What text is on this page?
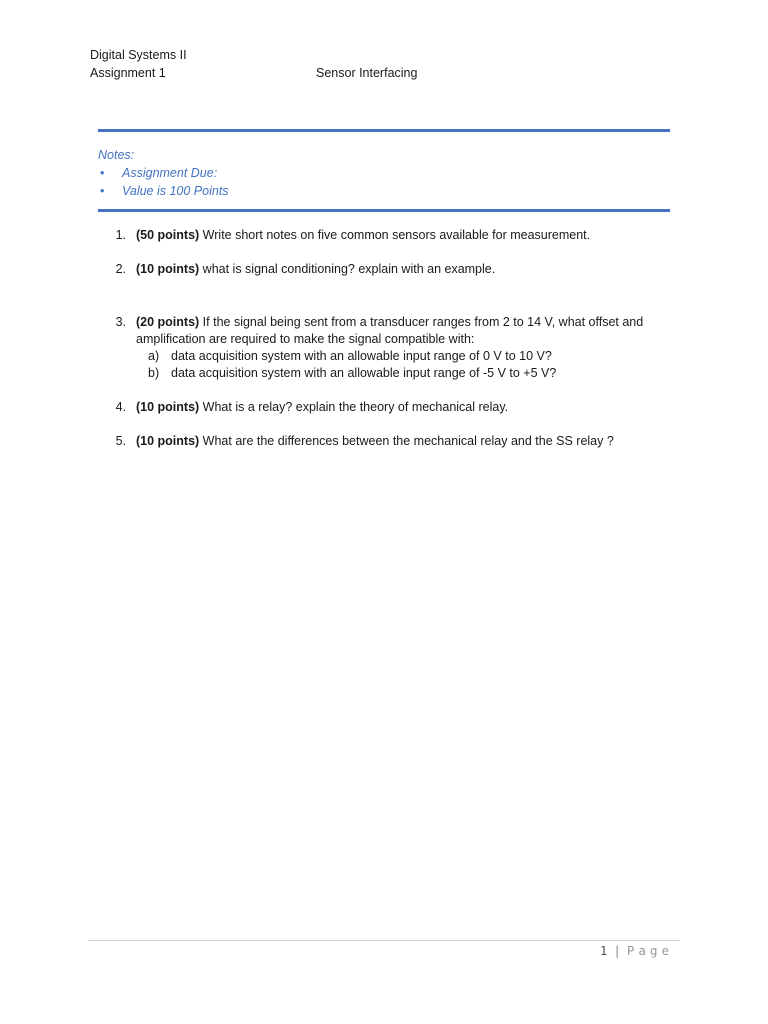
Digital Systems II
Assignment 1	Sensor Interfacing
Notes:
• Assignment Due:
• Value is 100 Points
1. (50 points) Write short notes on five common sensors available for measurement.
2. (10 points) what is signal conditioning? explain with an example.
3. (20 points) If the signal being sent from a transducer ranges from 2 to 14 V, what offset and amplification are required to make the signal compatible with:
a) data acquisition system with an allowable input range of 0 V to 10 V?
b) data acquisition system with an allowable input range of -5 V to +5 V?
4. (10 points) What is a relay? explain the theory of mechanical relay.
5. (10 points) What are the differences between the mechanical relay and the SS relay ?
1 | Page
